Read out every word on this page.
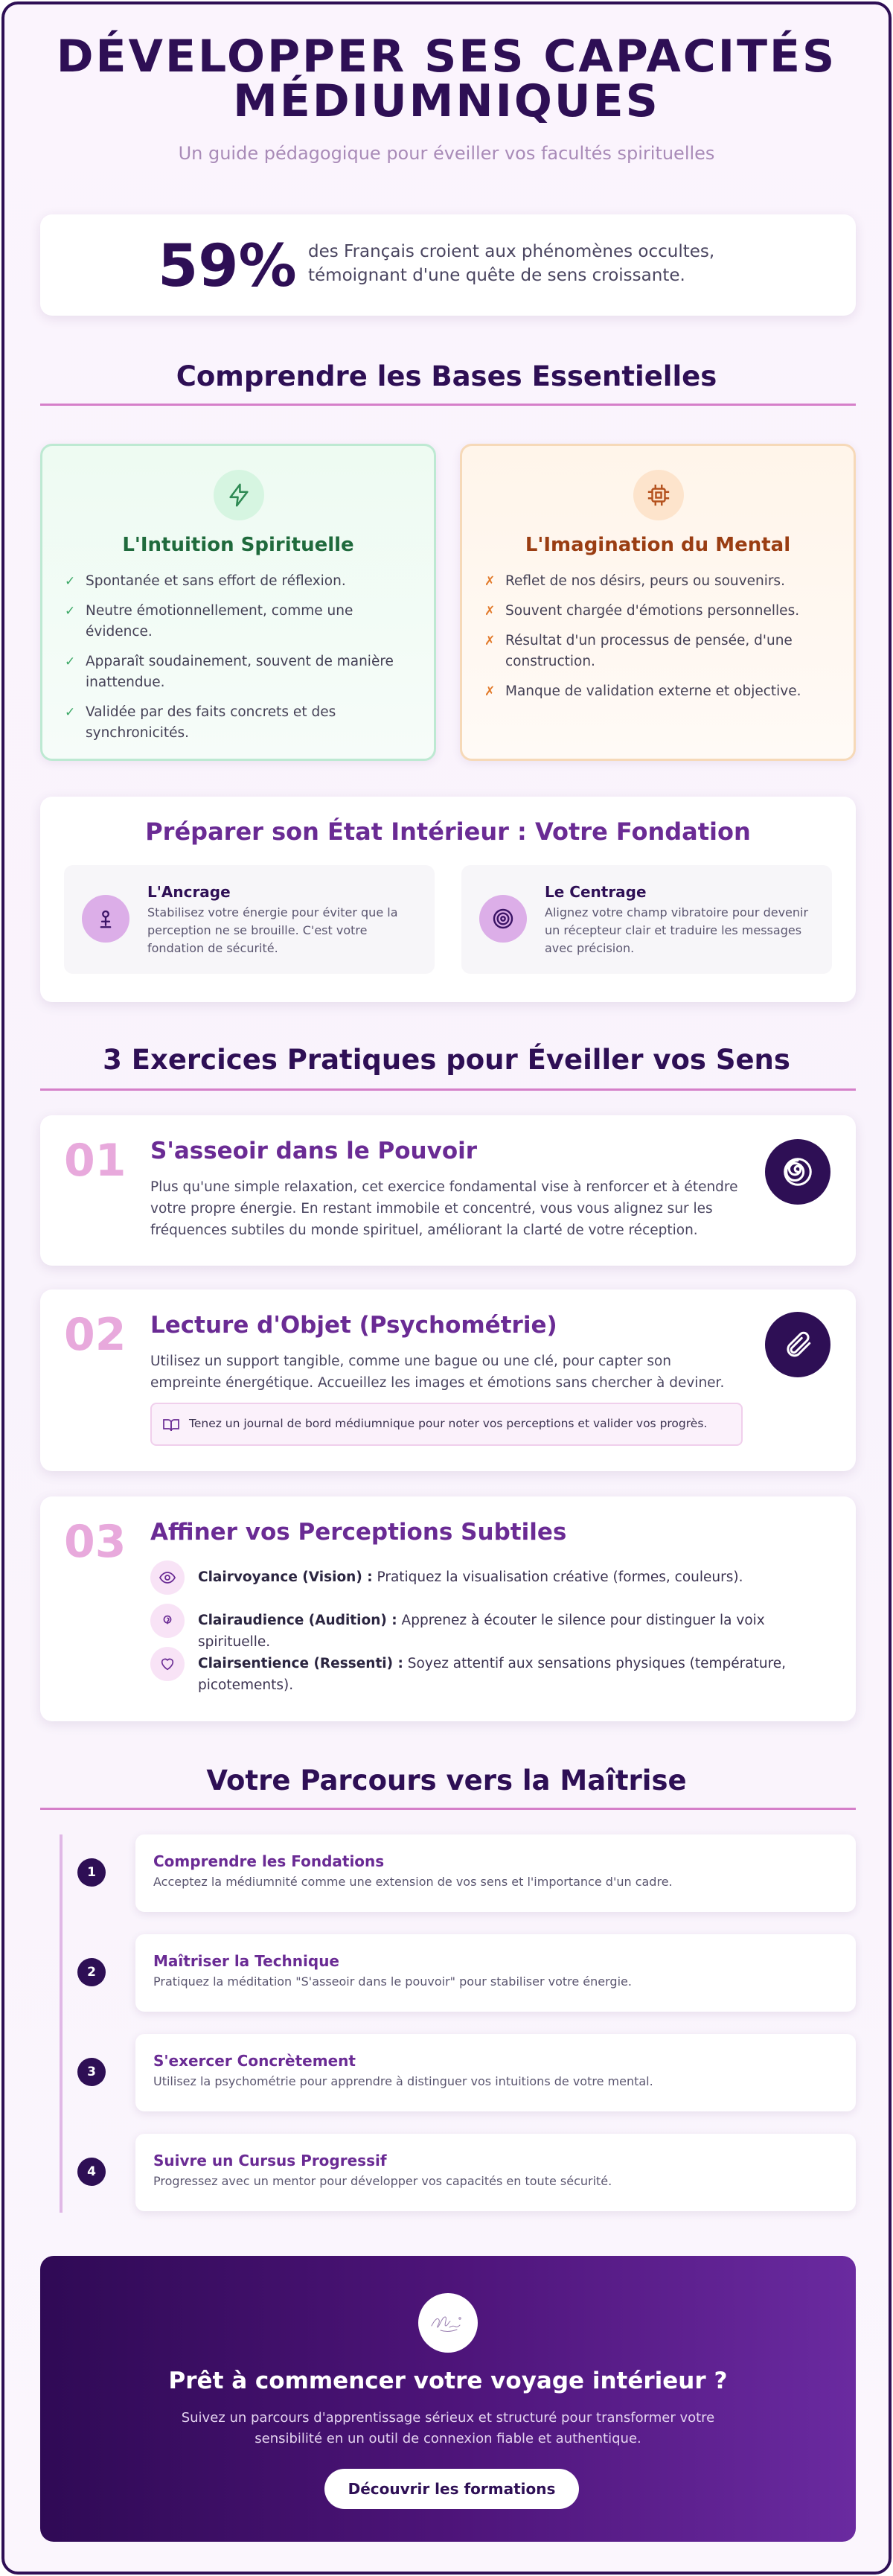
DÉVELOPPER SES CAPACITÉS
MÉDIUMNIQUES

Un guide pédagogique pour éveiller vos facultés spirituelles

59% des Français croient aux phénomènes occultes, témoignant d'une quête de sens croissante.
Comprendre les Bases Essentielles
L'Intuition Spirituelle
✓ Spontanée et sans effort de réflexion.
✓ Neutre émotionnellement, comme une évidence.
✓ Apparaît soudainement, souvent de manière inattendue.
✓ Validée par des faits concrets et des synchronicités.
L'Imagination du Mental
✗ Reflet de nos désirs, peurs ou souvenirs.
✗ Souvent chargée d'émotions personnelles.
✗ Résultat d'un processus de pensée, d'une construction.
✗ Manque de validation externe et objective.
Préparer son État Intérieur : Votre Fondation
L'Ancrage
Stabilisez votre énergie pour éviter que la perception ne se brouille. C'est votre fondation de sécurité.
Le Centrage
Alignez votre champ vibratoire pour devenir un récepteur clair et traduire les messages avec précision.
3 Exercices Pratiques pour Éveiller vos Sens
01 S'asseoir dans le Pouvoir

Plus qu'une simple relaxation, cet exercice fondamental vise à renforcer et à étendre votre propre énergie. En restant immobile et concentré, vous vous alignez sur les fréquences subtiles du monde spirituel, améliorant la clarté de votre réception.

02 Lecture d'Objet (Psychométrie)

Utilisez un support tangible, comme une bague ou une clé, pour capter son empreinte énergétique. Accueillez les images et émotions sans chercher à deviner.

Tenez un journal de bord médiumnique pour noter vos perceptions et valider vos progrès.
03 Affiner vos Perceptions Subtiles
Clairvoyance (Vision) : Pratiquez la visualisation créative (formes, couleurs).
Clairaudience (Audition) : Apprenez à écouter le silence pour distinguer la voix spirituelle.
Clairsentience (Ressenti) : Soyez attentif aux sensations physiques (température, picotements).
Votre Parcours vers la Maîtrise
1
Comprendre les Fondations
Acceptez la médiumnité comme une extension de vos sens et l'importance d'un cadre.
2
Maîtriser la Technique
Pratiquez la méditation "S'asseoir dans le pouvoir" pour stabiliser votre énergie.
3
S'exercer Concrètement
Utilisez la psychométrie pour apprendre à distinguer vos intuitions de votre mental.
4
Suivre un Cursus Progressif
Progressez avec un mentor pour développer vos capacités en toute sécurité.
Prêt à commencer votre voyage intérieur ?

Suivez un parcours d'apprentissage sérieux et structuré pour transformer votre sensibilité en un outil de connexion fiable et authentique.

Découvrir les formations
